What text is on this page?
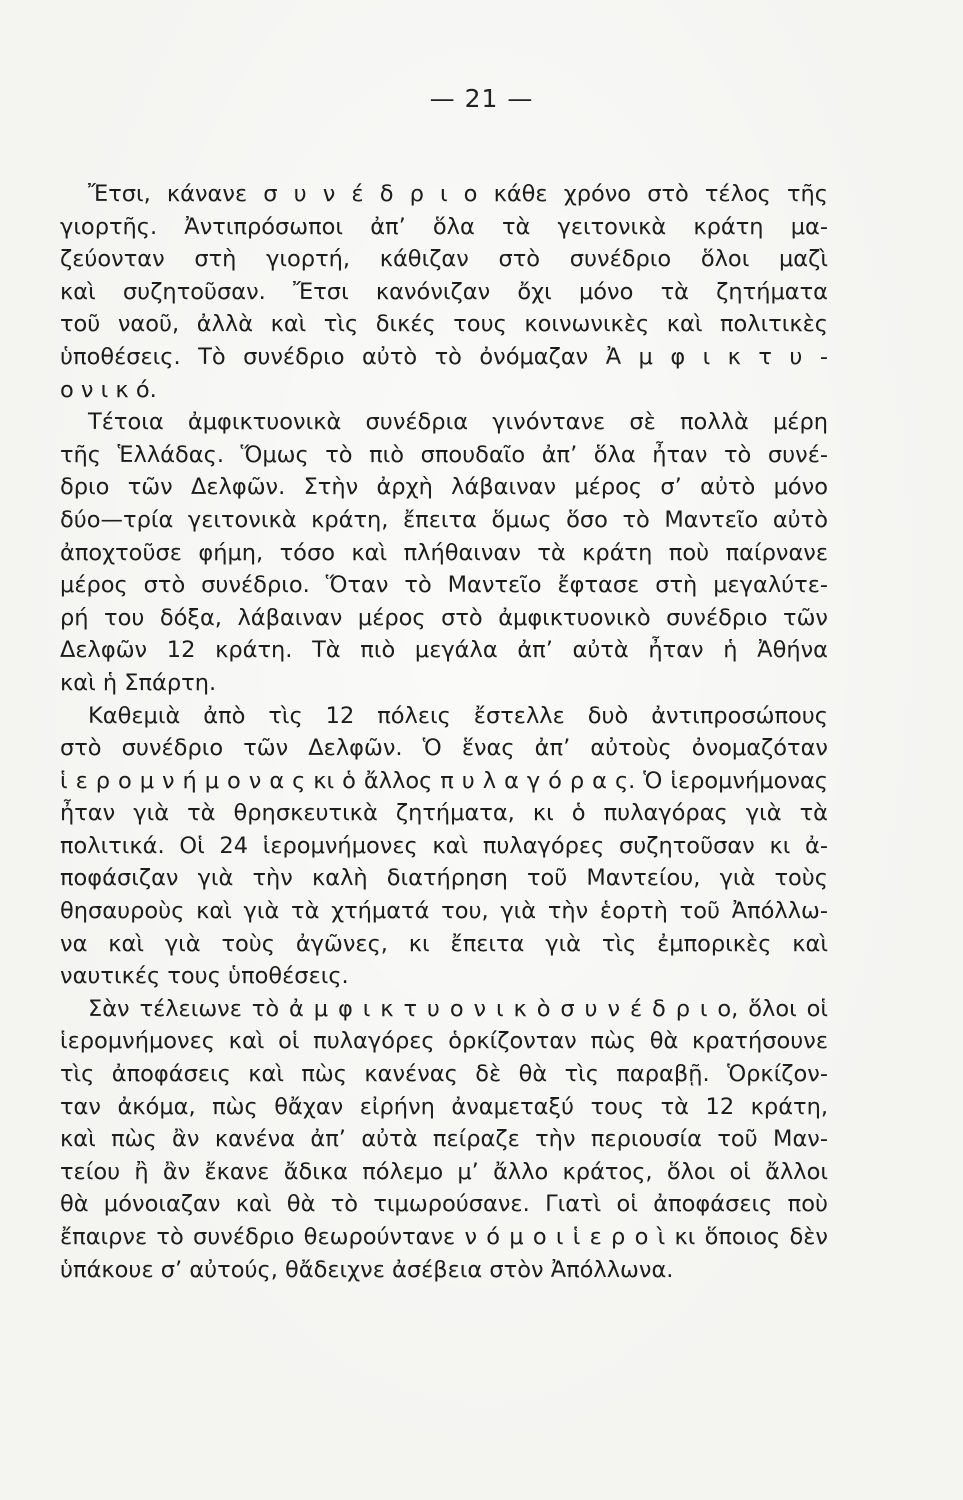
— 21 —
Ἔτσι, κάνανε σ υ ν έ δ ρ ι ο κάθε χρόνο στὸ τέλος τῆς
γιορτῆς. Ἀντιπρόσωποι ἀπ’ ὅλα τὰ γειτονικὰ κράτη μα-
ζεύονταν στὴ γιορτή, κάθιζαν στὸ συνέδριο ὅλοι μαζὶ
καὶ συζητοῦσαν. Ἔτσι κανόνιζαν ὄχι μόνο τὰ ζητήματα
τοῦ ναοῦ, ἀλλὰ καὶ τὶς δικές τους κοινωνικὲς καὶ πολιτικὲς
ὑποθέσεις. Τὸ συνέδριο αὐτὸ τὸ ὀνόμαζαν Ἀ μ φ ι κ τ υ -
ο ν ι κ ό.
Τέτοια ἀμφικτυονικὰ συνέδρια γινόντανε σὲ πολλὰ μέρη
τῆς Ἑλλάδας. Ὅμως τὸ πιὸ σπουδαῖο ἀπ’ ὅλα ἦταν τὸ συνέ-
δριο τῶν Δελφῶν. Στὴν ἀρχὴ λάβαιναν μέρος σ’ αὐτὸ μόνο
δύο—τρία γειτονικὰ κράτη, ἔπειτα ὅμως ὅσο τὸ Μαντεῖο αὐτὸ
ἀποχτοῦσε φήμη, τόσο καὶ πλήθαιναν τὰ κράτη ποὺ παίρνανε
μέρος στὸ συνέδριο. Ὅταν τὸ Μαντεῖο ἔφτασε στὴ μεγαλύτε-
ρή του δόξα, λάβαιναν μέρος στὸ ἀμφικτυονικὸ συνέδριο τῶν
Δελφῶν 12 κράτη. Τὰ πιὸ μεγάλα ἀπ’ αὐτὰ ἦταν ἡ Ἀθήνα
καὶ ἡ Σπάρτη.
Καθεμιὰ ἀπὸ τὶς 12 πόλεις ἔστελλε δυὸ ἀντιπροσώπους
στὸ συνέδριο τῶν Δελφῶν. Ὁ ἕνας ἀπ’ αὐτοὺς ὀνομαζόταν
ἱ ε ρ ο μ ν ή μ ο ν α ς κι ὁ ἄλλος π υ λ α γ ό ρ α ς. Ὁ ἱερομνήμονας
ἦταν γιὰ τὰ θρησκευτικὰ ζητήματα, κι ὁ πυλαγόρας γιὰ τὰ
πολιτικά. Οἱ 24 ἱερομνήμονες καὶ πυλαγόρες συζητοῦσαν κι ἀ-
ποφάσιζαν γιὰ τὴν καλὴ διατήρηση τοῦ Μαντείου, γιὰ τοὺς
θησαυροὺς καὶ γιὰ τὰ χτήματά του, γιὰ τὴν ἑορτὴ τοῦ Ἀπόλλω-
να καὶ γιὰ τοὺς ἀγῶνες, κι ἔπειτα γιὰ τὶς ἐμπορικὲς καὶ
ναυτικές τους ὑποθέσεις.
Σὰν τέλειωνε τὸ ἀ μ φ ι κ τ υ ο ν ι κ ὸ σ υ ν έ δ ρ ι ο, ὅλοι οἱ
ἱερομνήμονες καὶ οἱ πυλαγόρες ὁρκίζονταν πὼς θὰ κρατήσουνε
τὶς ἀποφάσεις καὶ πὼς κανένας δὲ θὰ τὶς παραβῇ. Ὁρκίζον-
ταν ἀκόμα, πὼς θἄχαν εἰρήνη ἀναμεταξύ τους τὰ 12 κράτη,
καὶ πὼς ἂν κανένα ἀπ’ αὐτὰ πείραζε τὴν περιουσία τοῦ Μαν-
τείου ἢ ἂν ἔκανε ἄδικα πόλεμο μ’ ἄλλο κράτος, ὅλοι οἱ ἄλλοι
θὰ μόνοιαζαν καὶ θὰ τὸ τιμωρούσανε. Γιατὶ οἱ ἀποφάσεις ποὺ
ἔπαιρνε τὸ συνέδριο θεωρούντανε ν ό μ ο ι ἱ ε ρ ο ὶ κι ὅποιος δὲν
ὑπάκουε σ’ αὐτούς, θἄδειχνε ἀσέβεια στὸν Ἀπόλλωνα.
